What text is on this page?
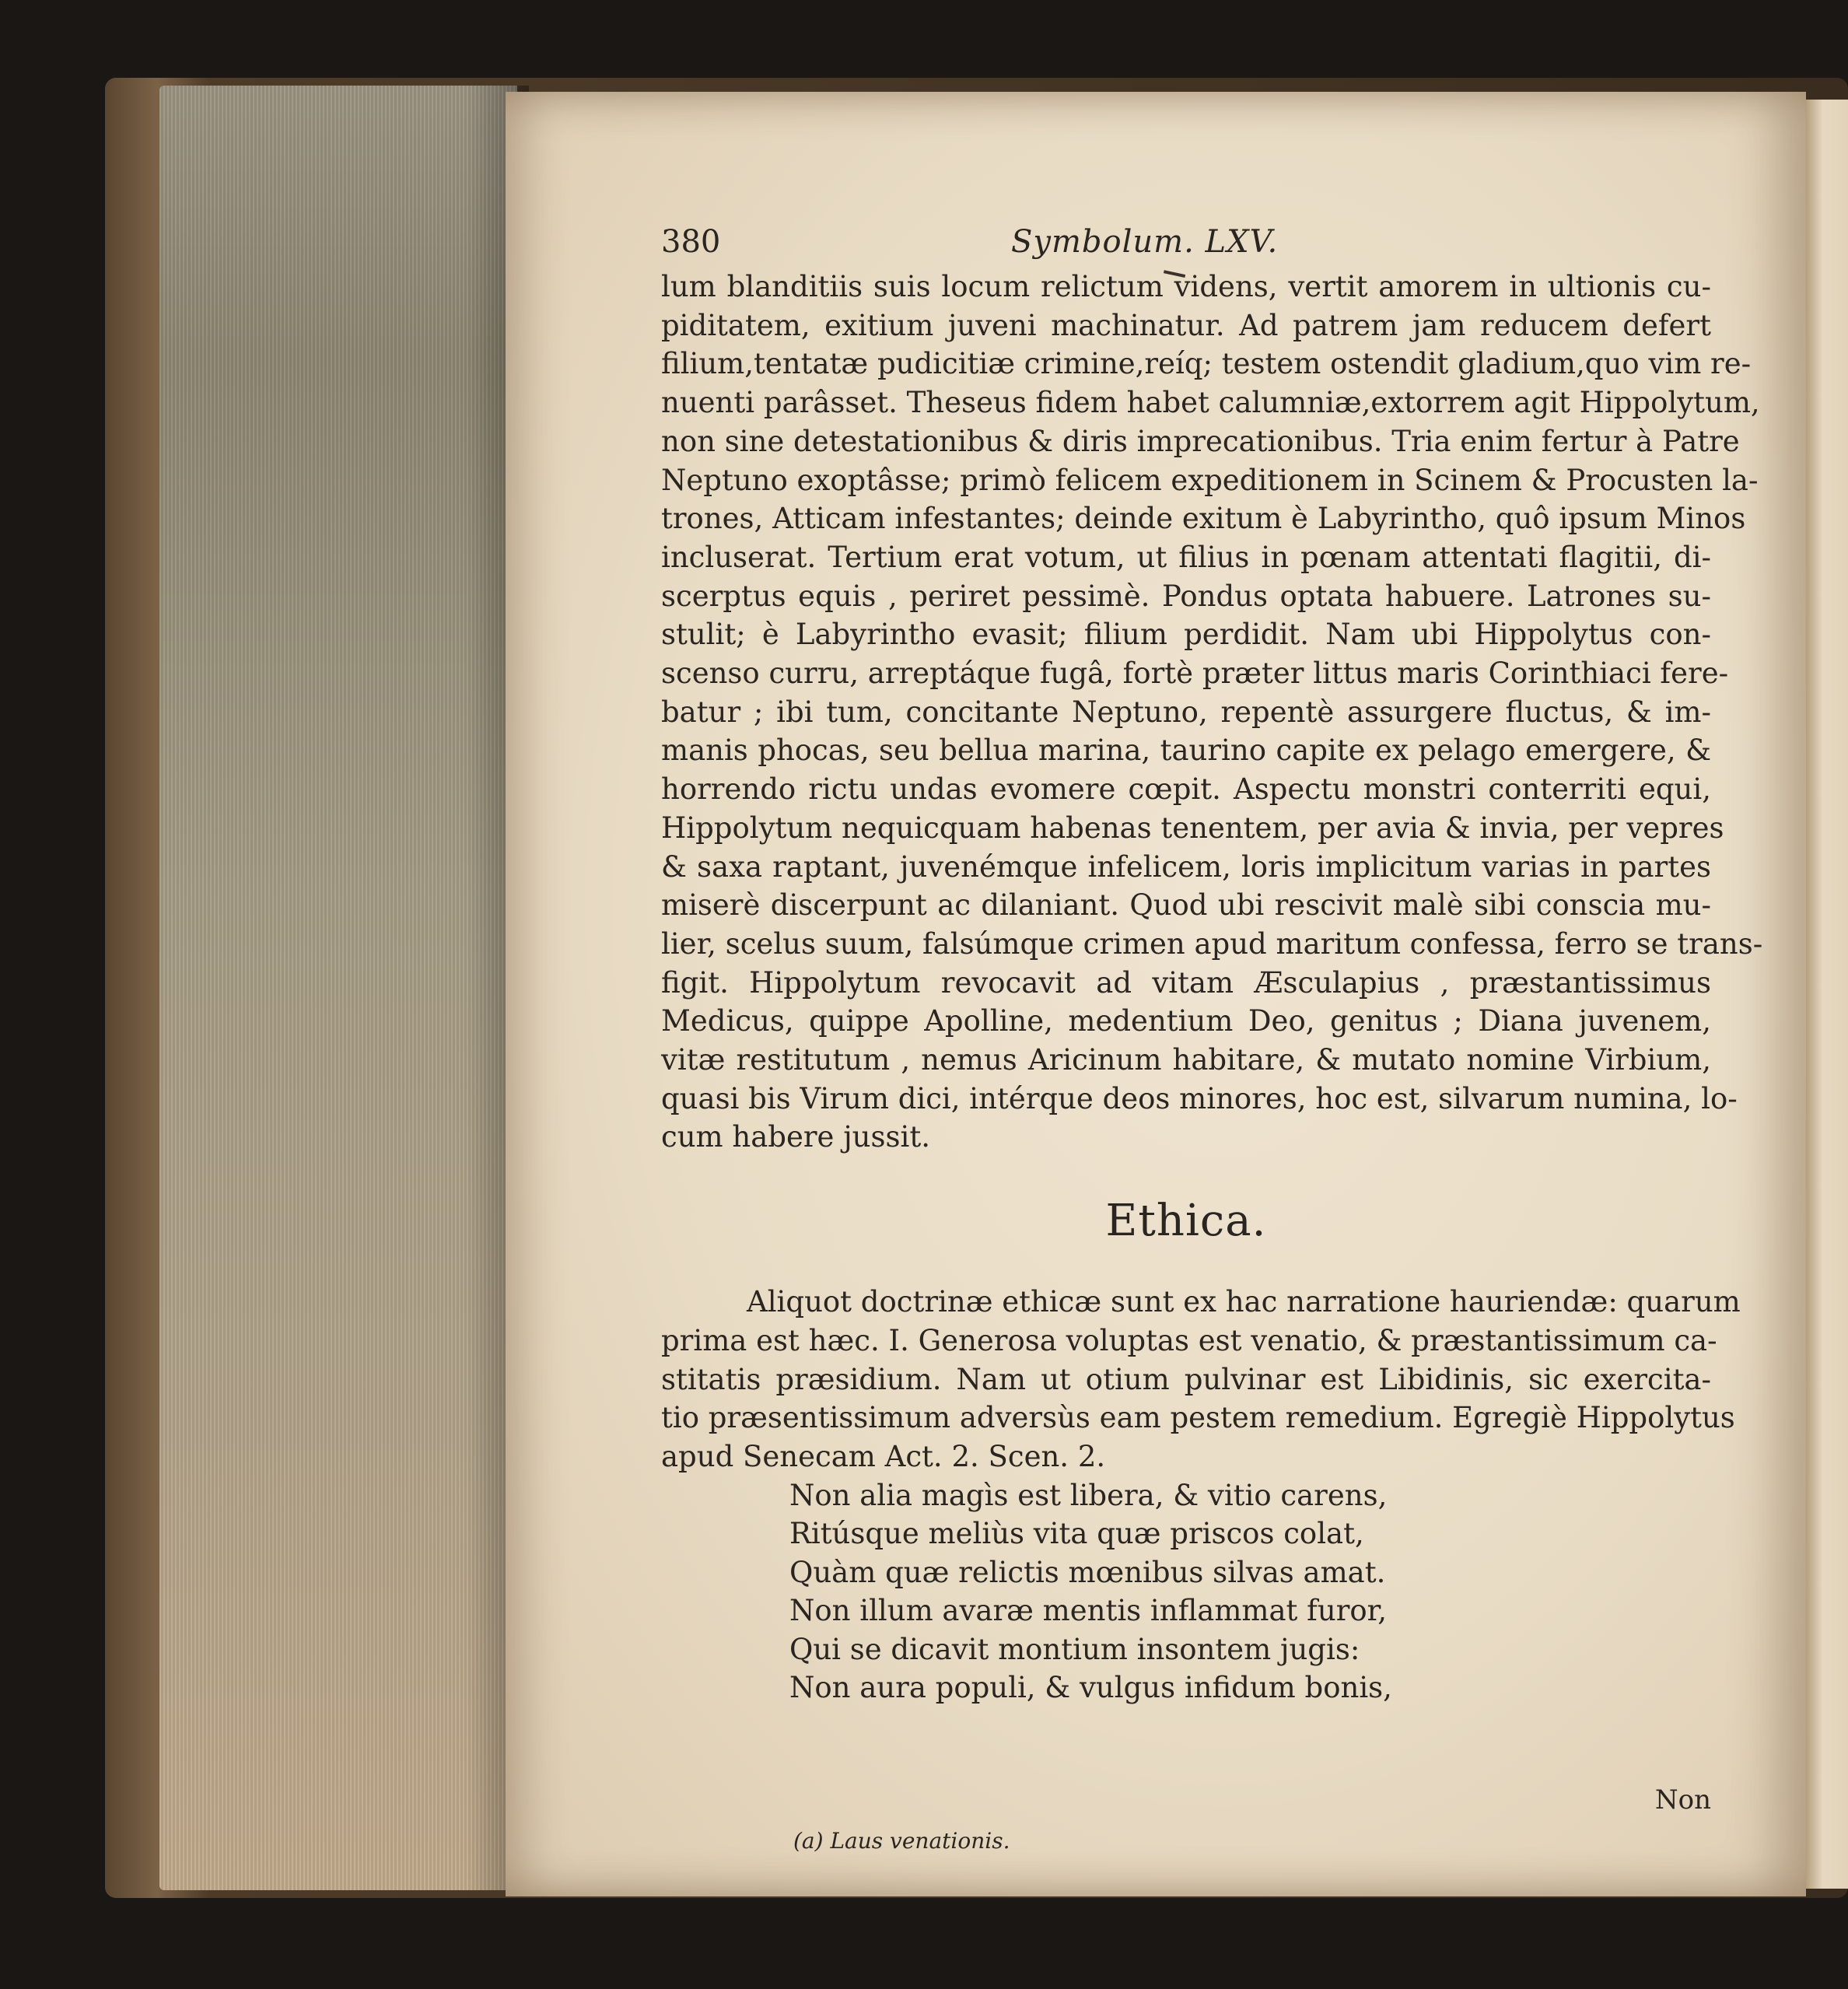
380	Symbolum. LXV.
lum blanditiis suis locum relictum videns, vertit amorem in ultionis cu-
piditatem, exitium juveni machinatur. Ad patrem jam reducem defert
filium,tentatæ pudicitiæ crimine,reíq; testem ostendit gladium,quo vim re-
nuenti parâsset. Theseus fidem habet calumniæ,extorrem agit Hippolytum,
non sine detestationibus & diris imprecationibus. Tria enim fertur à Patre
Neptuno exoptâsse; primò felicem expeditionem in Scinem & Procusten la-
trones, Atticam infestantes; deinde exitum è Labyrintho, quô ipsum Minos
incluserat. Tertium erat votum, ut filius in pœnam attentati flagitii, di-
scerptus equis , periret pessimè. Pondus optata habuere. Latrones su-
stulit; è Labyrintho evasit; filium perdidit. Nam ubi Hippolytus con-
scenso curru, arreptáque fugâ, fortè præter littus maris Corinthiaci fere-
batur ; ibi tum, concitante Neptuno, repentè assurgere fluctus, & im-
manis phocas, seu bellua marina, taurino capite ex pelago emergere, &
horrendo rictu undas evomere cœpit. Aspectu monstri conterriti equi,
Hippolytum nequicquam habenas tenentem, per avia & invia, per vepres
& saxa raptant, juvenémque infelicem, loris implicitum varias in partes
miserè discerpunt ac dilaniant. Quod ubi rescivit malè sibi conscia mu-
lier, scelus suum, falsúmque crimen apud maritum confessa, ferro se trans-
figit. Hippolytum revocavit ad vitam Æsculapius , præstantissimus
Medicus, quippe Apolline, medentium Deo, genitus ; Diana juvenem,
vitæ restitutum , nemus Aricinum habitare, & mutato nomine Virbium,
quasi bis Virum dici, intérque deos minores, hoc est, silvarum numina, lo-
cum habere jussit.
Ethica.
Aliquot doctrinæ ethicæ sunt ex hac narratione hauriendæ: quarum
prima est hæc. I. Generosa voluptas est venatio, & præstantissimum ca-
stitatis præsidium. Nam ut otium pulvinar est Libidinis, sic exercita-
tio præsentissimum adversùs eam pestem remedium. Egregiè Hippolytus
apud Senecam Act. 2. Scen. 2.
Non alia magìs est libera, & vitio carens,
Ritúsque meliùs vita quæ priscos colat,
Quàm quæ relictis mœnibus silvas amat.
Non illum avaræ mentis inflammat furor,
Qui se dicavit montium insontem jugis:
Non aura populi, & vulgus infidum bonis,
Non
(a) Laus venationis.
